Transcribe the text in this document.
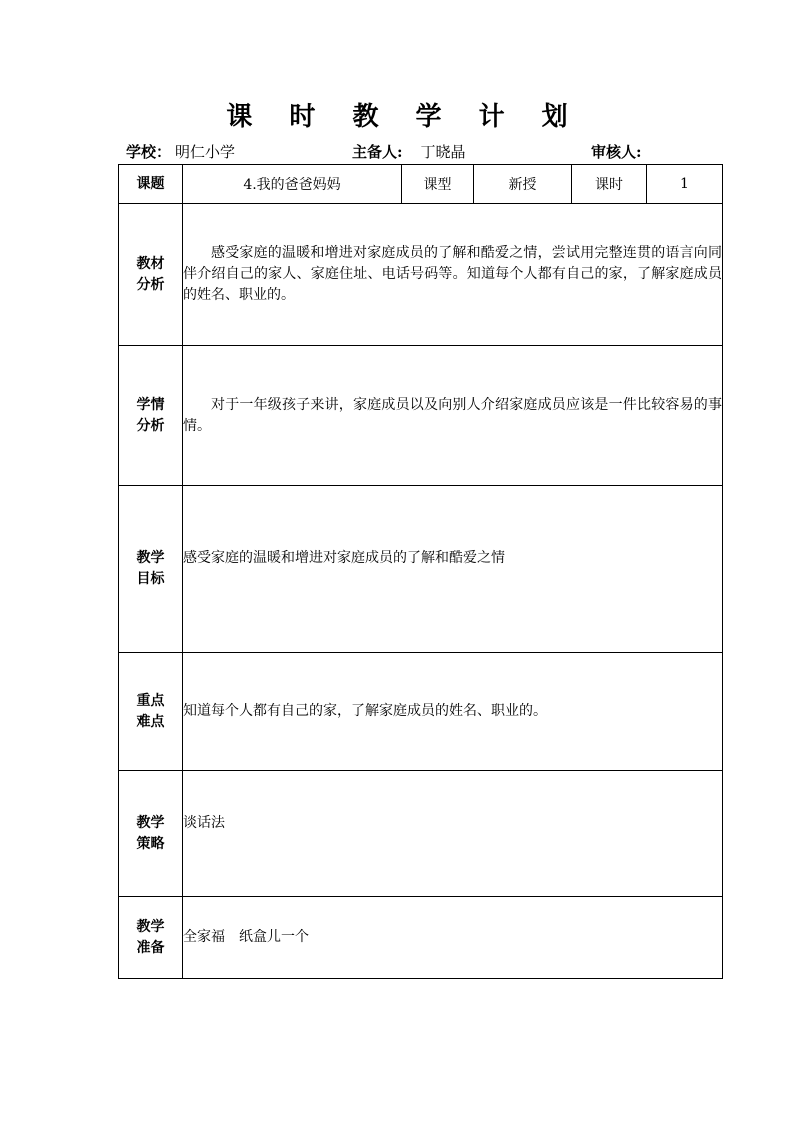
课 时 教 学 计 划
学校： 明仁小学	主备人: 丁晓晶	审核人:
课题	4.我的爸爸妈妈	课型	新授	课时	1

教材
分析	感受家庭的温暖和增进对家庭成员的了解和酷爱之情，尝试用完整连贯的语言向同伴介绍自己的家人、家庭住址、电话号码等。知道每个人都有自己的家，了解家庭成员的姓名、职业的。				

学情
分析	对于一年级孩子来讲，家庭成员以及向别人介绍家庭成员应该是一件比较容易的事情。				

教学
目标	感受家庭的温暖和增进对家庭成员的了解和酷爱之情				

重点
难点	知道每个人都有自己的家，了解家庭成员的姓名、职业的。				

教学
策略	谈话法				

教学
准备	全家福　纸盒儿一个				
